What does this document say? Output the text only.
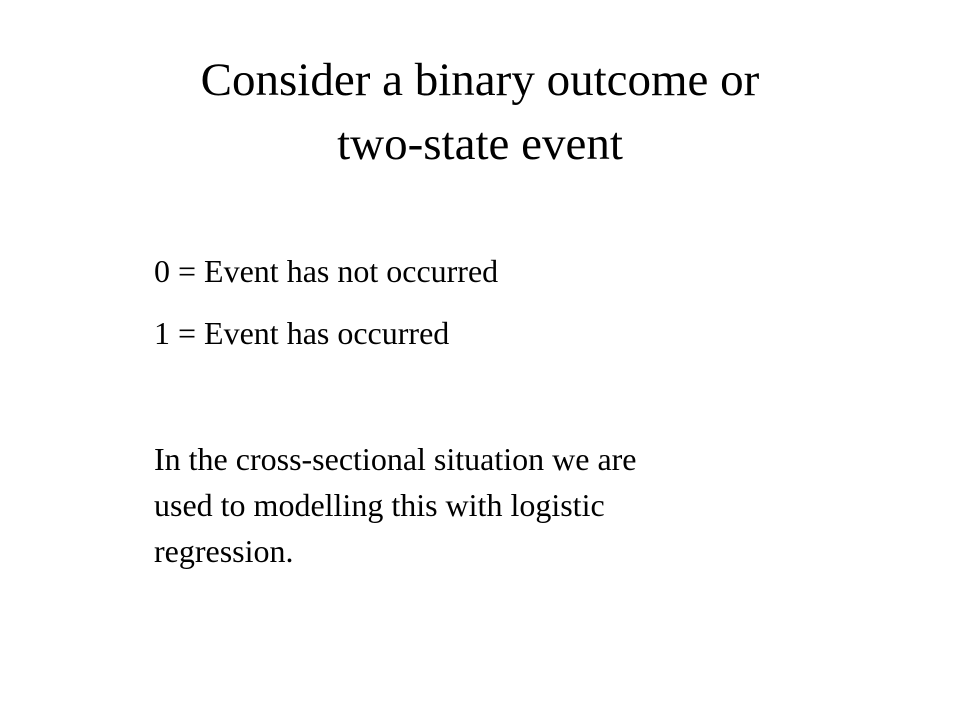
Consider a binary outcome or
two-state event

0 = Event has not occurred

1 = Event has occurred

In the cross-sectional situation we are
used to modelling this with logistic
regression.
